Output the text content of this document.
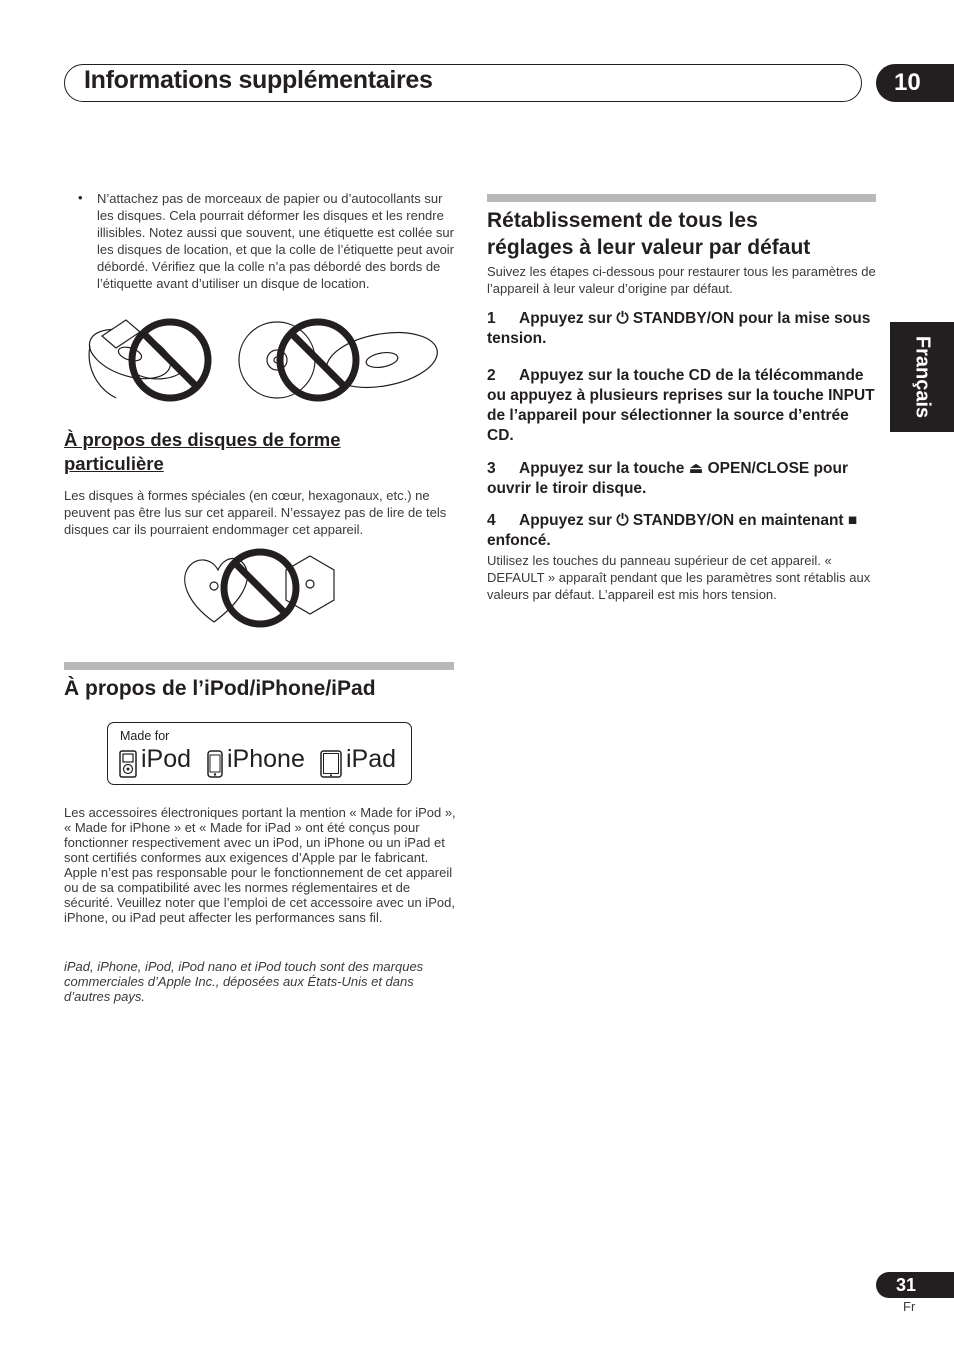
Informations supplémentaires	10
Français
• N’attachez pas de morceaux de papier ou d’autocollants sur les disques. Cela pourrait déformer les disques et les rendre illisibles. Notez aussi que souvent, une étiquette est collée sur les disques de location, et que la colle de l’étiquette peut avoir débordé. Vérifiez que la colle n’a pas débordé des bords de l’étiquette avant d’utiliser un disque de location.
À propos des disques de forme
particulière
Les disques à formes spéciales (en cœur, hexagonaux, etc.) ne peuvent pas être lus sur cet appareil. N’essayez pas de lire de tels disques car ils pourraient endommager cet appareil.
À propos de l’iPod/iPhone/iPad
Made for
iPod iPhone iPad
Les accessoires électroniques portant la mention « Made for iPod », « Made for iPhone » et « Made for iPad » ont été conçus pour fonctionner respectivement avec un iPod, un iPhone ou un iPad et sont certifiés conformes aux exigences d’Apple par le fabricant. Apple n’est pas responsable pour le fonctionnement de cet appareil ou de sa compatibilité avec les normes réglementaires et de sécurité. Veuillez noter que l’emploi de cet accessoire avec un iPod, iPhone, ou iPad peut affecter les performances sans fil.
iPad, iPhone, iPod, iPod nano et iPod touch sont des marques commerciales d’Apple Inc., déposées aux États-Unis et dans d’autres pays.
Rétablissement de tous les
réglages à leur valeur par défaut
Suivez les étapes ci-dessous pour restaurer tous les paramètres de l’appareil à leur valeur d’origine par défaut.
1 Appuyez sur ⏻ STANDBY/ON pour la mise sous tension.
2 Appuyez sur la touche CD de la télécommande ou appuyez à plusieurs reprises sur la touche INPUT de l’appareil pour sélectionner la source d’entrée CD.
3 Appuyez sur la touche ⏏ OPEN/CLOSE pour ouvrir le tiroir disque.
4 Appuyez sur ⏻ STANDBY/ON en maintenant ■ enfoncé.
Utilisez les touches du panneau supérieur de cet appareil. « DEFAULT » apparaît pendant que les paramètres sont rétablis aux valeurs par défaut. L’appareil est mis hors tension.
31
Fr
